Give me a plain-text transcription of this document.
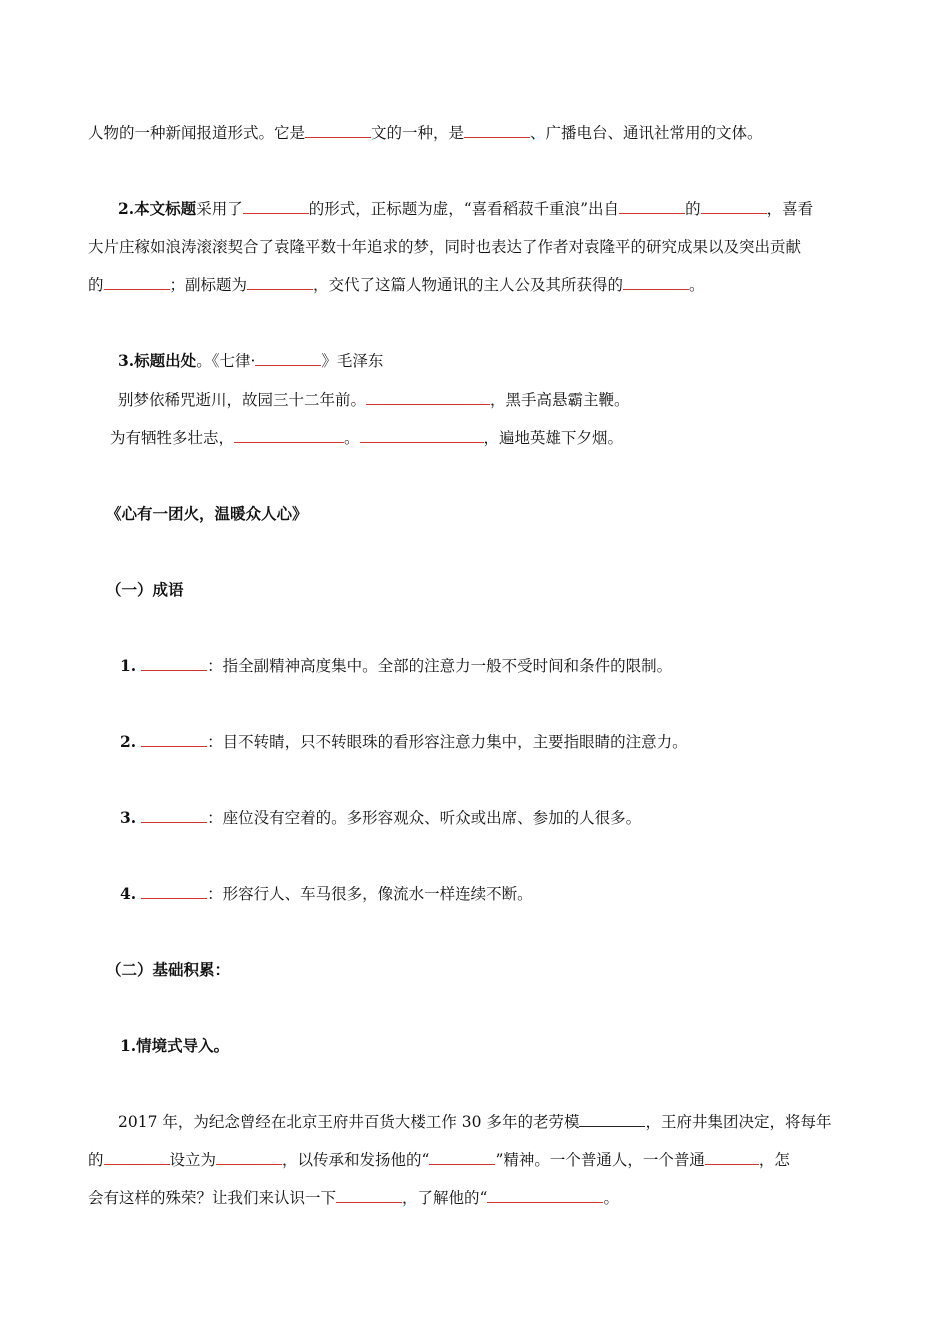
人物的一种新闻报道形式。它是	文的一种，是	、广播电台、通讯社常用的文体。
2.本文标题采用了	的形式，正标题为虚，“喜看稻菽千重浪”出自	的	，喜看
大片庄稼如浪涛滚滚契合了袁隆平数十年追求的梦，同时也表达了作者对袁隆平的研究成果以及突出贡献
的	；副标题为	，交代了这篇人物通讯的主人公及其所获得的	。
3.标题出处。《七律·	》毛泽东
别梦依稀咒逝川，故园三十二年前。	，黑手高悬霸主鞭。
为有牺牲多壮志，	。	，遍地英雄下夕烟。
《心有一团火，温暖众人心》
（一）成语
1.	：指全副精神高度集中。全部的注意力一般不受时间和条件的限制。
2.	：目不转睛，只不转眼珠的看形容注意力集中，主要指眼睛的注意力。
3.	：座位没有空着的。多形容观众、听众或出席、参加的人很多。
4.	：形容行人、车马很多，像流水一样连续不断。
（二）基础积累：
1.情境式导入。
2017 年，为纪念曾经在北京王府井百货大楼工作 30 多年的老劳模	，王府井集团决定，将每年
的	设立为	，以传承和发扬他的“	”精神。一个普通人，一个普通	，怎
会有这样的殊荣？让我们来认识一下	，了解他的“	。
